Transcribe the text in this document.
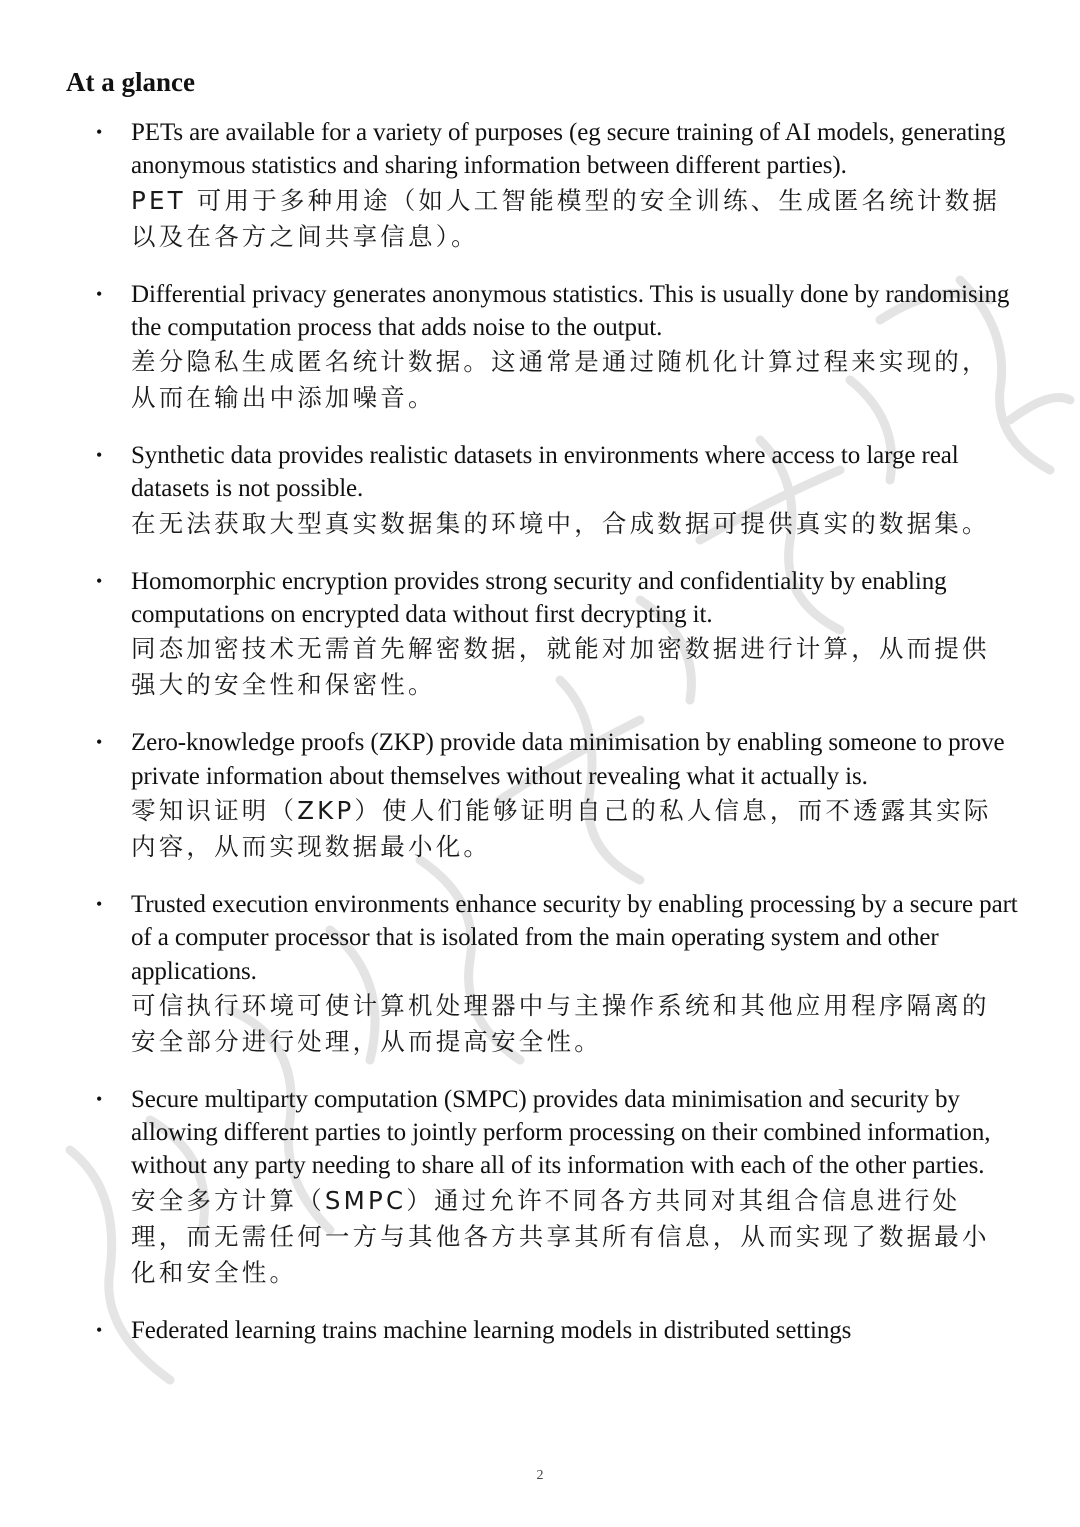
At a glance
• PETs are available for a variety of purposes (eg secure training of AI models, generating anonymous statistics and sharing information between different parties).
PET 可用于多种用途（如人工智能模型的安全训练、生成匿名统计数据以及在各方之间共享信息）。
• Differential privacy generates anonymous statistics. This is usually done by randomising the computation process that adds noise to the output.
差分隐私生成匿名统计数据。这通常是通过随机化计算过程来实现的，从而在输出中添加噪音。
• Synthetic data provides realistic datasets in environments where access to large real datasets is not possible.
在无法获取大型真实数据集的环境中，合成数据可提供真实的数据集。
• Homomorphic encryption provides strong security and confidentiality by enabling computations on encrypted data without first decrypting it.
同态加密技术无需首先解密数据，就能对加密数据进行计算，从而提供强大的安全性和保密性。
• Zero-knowledge proofs (ZKP) provide data minimisation by enabling someone to prove private information about themselves without revealing what it actually is.
零知识证明（ZKP）使人们能够证明自己的私人信息，而不透露其实际内容，从而实现数据最小化。
• Trusted execution environments enhance security by enabling processing by a secure part of a computer processor that is isolated from the main operating system and other applications.
可信执行环境可使计算机处理器中与主操作系统和其他应用程序隔离的安全部分进行处理，从而提高安全性。
• Secure multiparty computation (SMPC) provides data minimisation and security by allowing different parties to jointly perform processing on their combined information, without any party needing to share all of its information with each of the other parties.
安全多方计算（SMPC）通过允许不同各方共同对其组合信息进行处理，而无需任何一方与其他各方共享其所有信息，从而实现了数据最小化和安全性。
• Federated learning trains machine learning models in distributed settings
2
